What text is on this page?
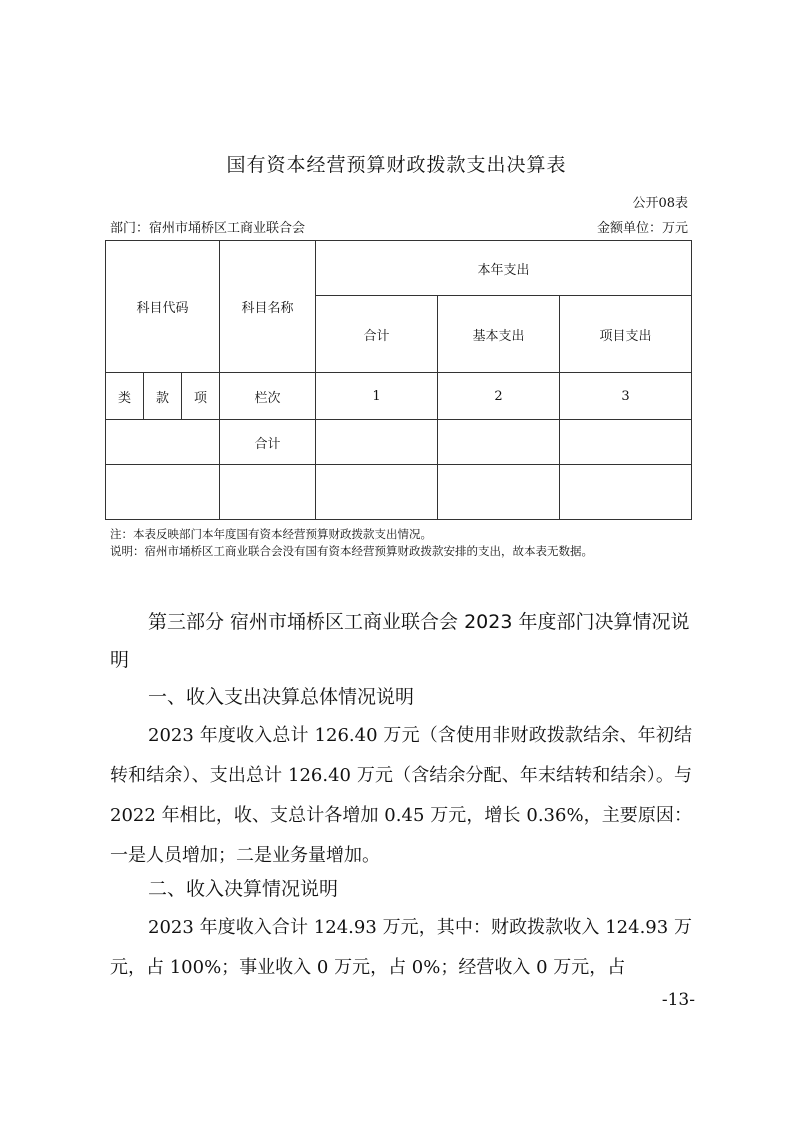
国有资本经营预算财政拨款支出决算表
公开08表
部门：宿州市埇桥区工商业联合会	金额单位：万元
科目代码			科目名称	本年支出		
				合计	基本支出	项目支出
类	款	项	栏次	1	2	3
			合计			

注：本表反映部门本年度国有资本经营预算财政拨款支出情况。
说明：宿州市埇桥区工商业联合会没有国有资本经营预算财政拨款安排的支出，故本表无数据。
第三部分 宿州市埇桥区工商业联合会 2023 年度部门决算情况说明
一、收入支出决算总体情况说明
2023 年度收入总计 126.40 万元（含使用非财政拨款结余、年初结转和结余）、支出总计 126.40 万元（含结余分配、年末结转和结余）。与 2022 年相比，收、支总计各增加 0.45 万元，增长 0.36%，主要原因：一是人员增加；二是业务量增加。
二、收入决算情况说明
2023 年度收入合计 124.93 万元，其中：财政拨款收入 124.93 万元，占 100%；事业收入 0 万元，占 0%；经营收入 0 万元，占
-13-
